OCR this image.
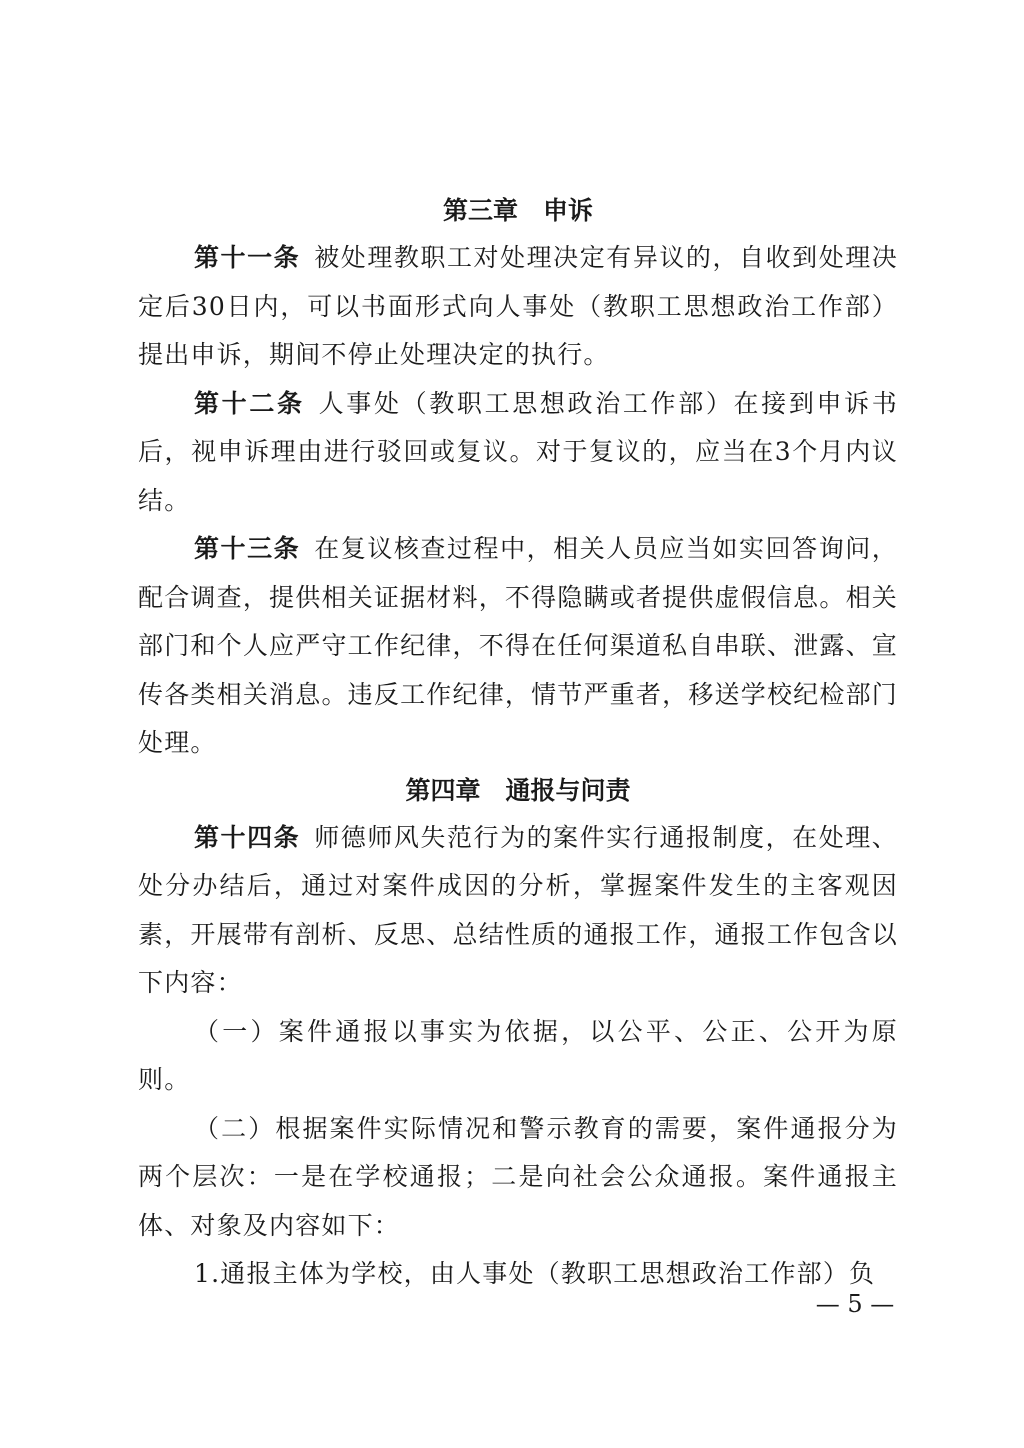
第三章　申诉

第十一条 被处理教职工对处理决定有异议的，自收到处理决定后30日内，可以书面形式向人事处（教职工思想政治工作部）提出申诉，期间不停止处理决定的执行。

第十二条 人事处（教职工思想政治工作部）在接到申诉书后，视申诉理由进行驳回或复议。对于复议的，应当在3个月内议结。

第十三条 在复议核查过程中，相关人员应当如实回答询问，配合调查，提供相关证据材料，不得隐瞒或者提供虚假信息。相关部门和个人应严守工作纪律，不得在任何渠道私自串联、泄露、宣传各类相关消息。违反工作纪律，情节严重者，移送学校纪检部门处理。

第四章　通报与问责

第十四条 师德师风失范行为的案件实行通报制度，在处理、处分办结后，通过对案件成因的分析，掌握案件发生的主客观因素，开展带有剖析、反思、总结性质的通报工作，通报工作包含以下内容：

（一）案件通报以事实为依据，以公平、公正、公开为原则。

（二）根据案件实际情况和警示教育的需要，案件通报分为两个层次：一是在学校通报；二是向社会公众通报。案件通报主体、对象及内容如下：

1.通报主体为学校，由人事处（教职工思想政治工作部）负

— 5 —
